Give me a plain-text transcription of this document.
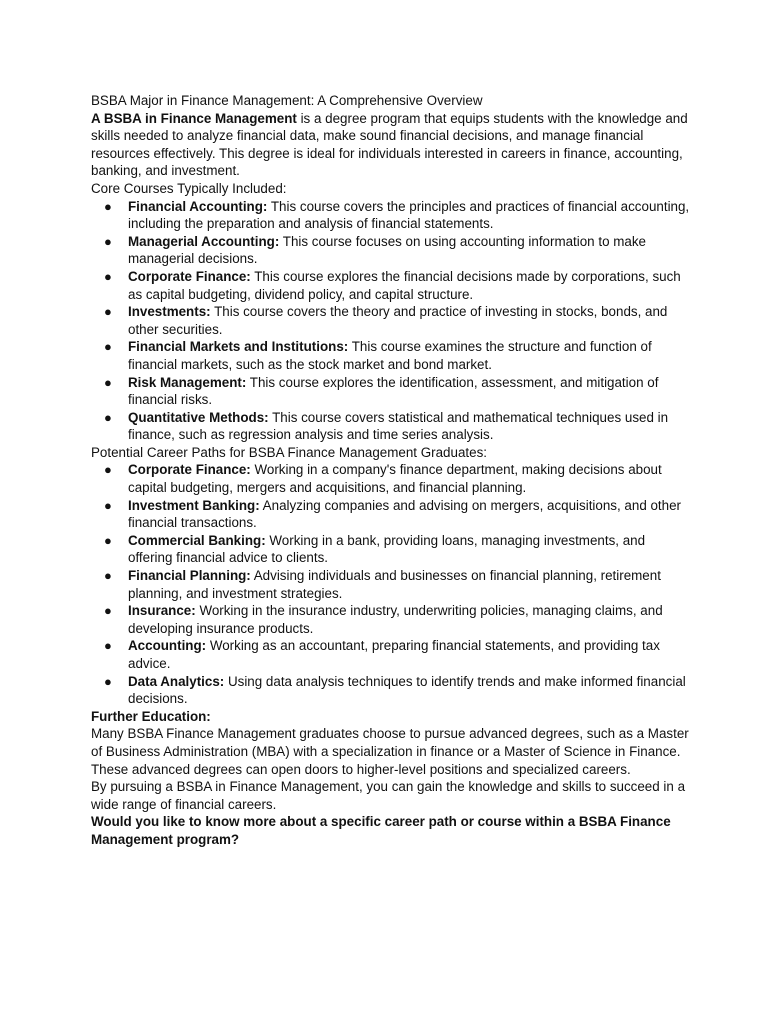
BSBA Major in Finance Management: A Comprehensive Overview

A BSBA in Finance Management is a degree program that equips students with the knowledge and skills needed to analyze financial data, make sound financial decisions, and manage financial resources effectively. This degree is ideal for individuals interested in careers in finance, accounting, banking, and investment.

Core Courses Typically Included:

● Financial Accounting: This course covers the principles and practices of financial accounting, including the preparation and analysis of financial statements.
● Managerial Accounting: This course focuses on using accounting information to make managerial decisions.
● Corporate Finance: This course explores the financial decisions made by corporations, such as capital budgeting, dividend policy, and capital structure.
● Investments: This course covers the theory and practice of investing in stocks, bonds, and other securities.
● Financial Markets and Institutions: This course examines the structure and function of financial markets, such as the stock market and bond market.
● Risk Management: This course explores the identification, assessment, and mitigation of financial risks.
● Quantitative Methods: This course covers statistical and mathematical techniques used in finance, such as regression analysis and time series analysis.

Potential Career Paths for BSBA Finance Management Graduates:

● Corporate Finance: Working in a company's finance department, making decisions about capital budgeting, mergers and acquisitions, and financial planning.
● Investment Banking: Analyzing companies and advising on mergers, acquisitions, and other financial transactions.
● Commercial Banking: Working in a bank, providing loans, managing investments, and offering financial advice to clients.
● Financial Planning: Advising individuals and businesses on financial planning, retirement planning, and investment strategies.
● Insurance: Working in the insurance industry, underwriting policies, managing claims, and developing insurance products.
● Accounting: Working as an accountant, preparing financial statements, and providing tax advice.
● Data Analytics: Using data analysis techniques to identify trends and make informed financial decisions.

Further Education:

Many BSBA Finance Management graduates choose to pursue advanced degrees, such as a Master of Business Administration (MBA) with a specialization in finance or a Master of Science in Finance. These advanced degrees can open doors to higher-level positions and specialized careers.

By pursuing a BSBA in Finance Management, you can gain the knowledge and skills to succeed in a wide range of financial careers.

Would you like to know more about a specific career path or course within a BSBA Finance Management program?
